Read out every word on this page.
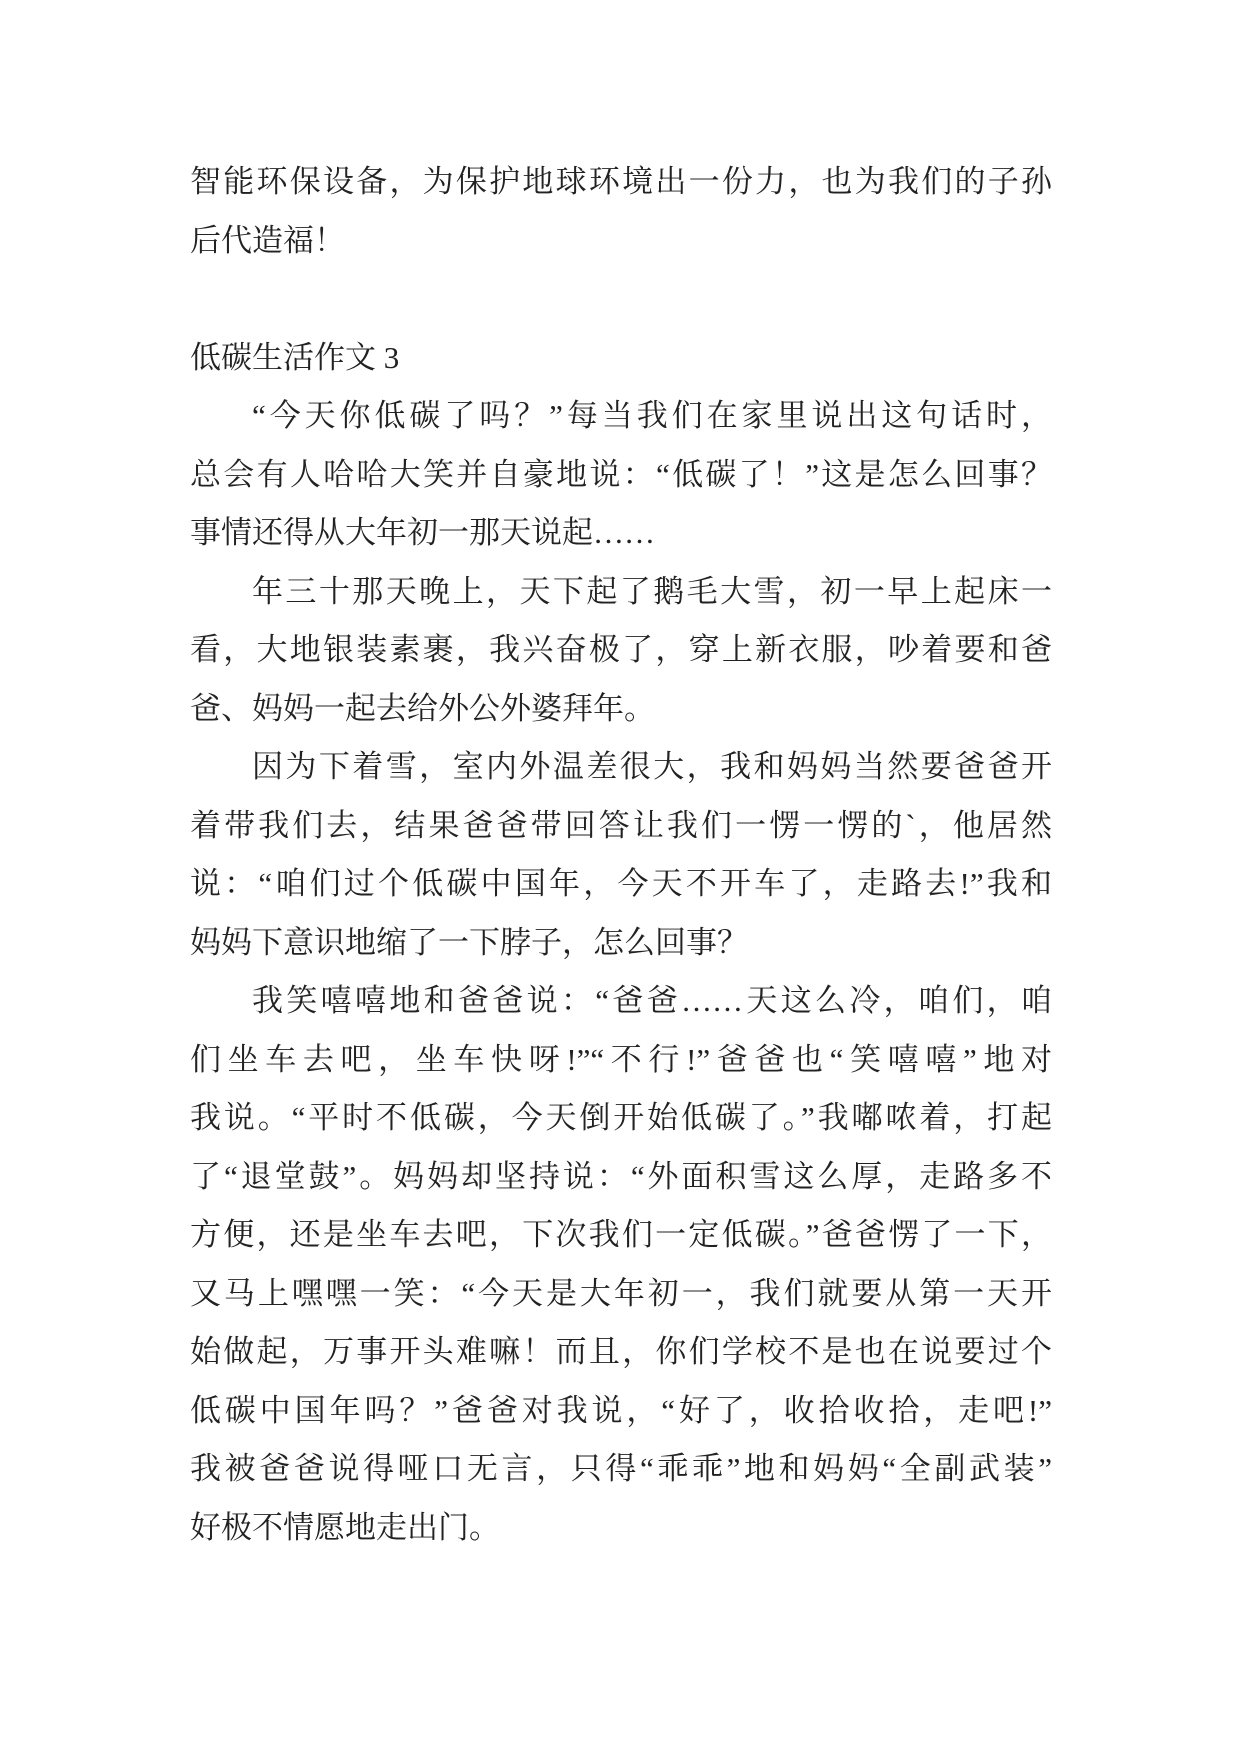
智能环保设备，为保护地球环境出一份力，也为我们的子孙
后代造福！
低碳生活作文 3
“今天你低碳了吗？”每当我们在家里说出这句话时，
总会有人哈哈大笑并自豪地说：“低碳了！”这是怎么回事？
事情还得从大年初一那天说起……
年三十那天晚上，天下起了鹅毛大雪，初一早上起床一
看，大地银装素裹，我兴奋极了，穿上新衣服，吵着要和爸
爸、妈妈一起去给外公外婆拜年。
因为下着雪，室内外温差很大，我和妈妈当然要爸爸开
着带我们去，结果爸爸带回答让我们一愣一愣的`，他居然
说：“咱们过个低碳中国年，今天不开车了，走路去!”我和
妈妈下意识地缩了一下脖子，怎么回事？
我笑嘻嘻地和爸爸说：“爸爸……天这么冷，咱们，咱
们坐车去吧，坐车快呀!”“不行!”爸爸也“笑嘻嘻”地对
我说。“平时不低碳，今天倒开始低碳了。”我嘟哝着，打起
了“退堂鼓”。妈妈却坚持说：“外面积雪这么厚，走路多不
方便，还是坐车去吧，下次我们一定低碳。”爸爸愣了一下，
又马上嘿嘿一笑：“今天是大年初一，我们就要从第一天开
始做起，万事开头难嘛！而且，你们学校不是也在说要过个
低碳中国年吗？”爸爸对我说，“好了，收拾收拾，走吧!”
我被爸爸说得哑口无言，只得“乖乖”地和妈妈“全副武装”
好极不情愿地走出门。
